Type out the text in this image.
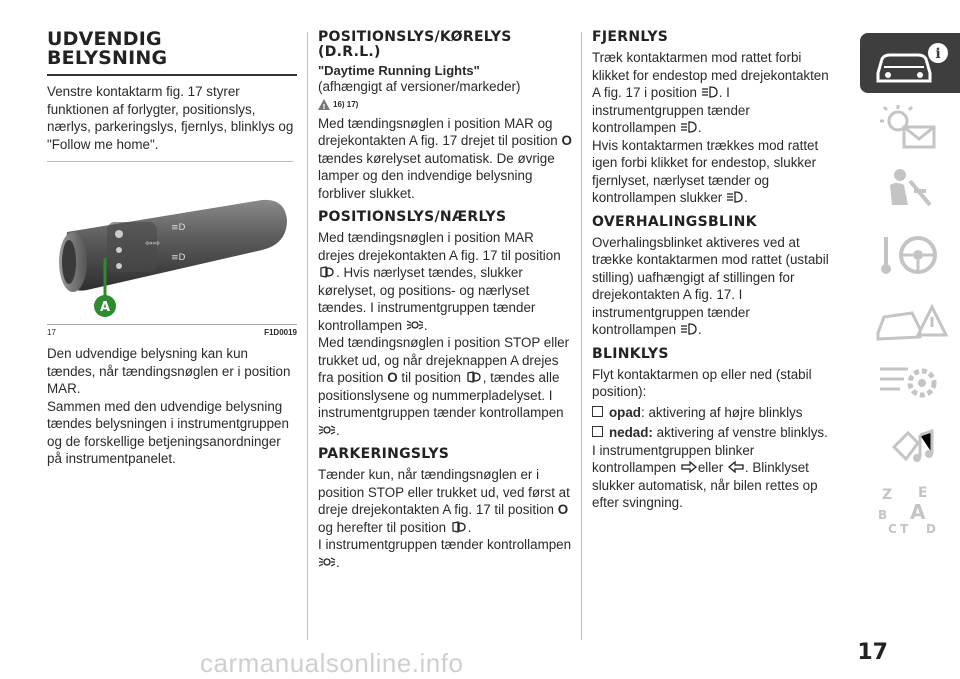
UDVENDIG
BELYSNING

Venstre kontaktarm fig. 17 styrer funktionen af forlygter, positionslys, nærlys, parkeringslys, fjernlys, blinklys og "Follow me home".

⇦⇨
≡D
≡D
A
17	F1D0019

Den udvendige belysning kan kun tændes, når tændingsnøglen er i position MAR.

Sammen med den udvendige belysning tændes belysningen i instrumentgruppen og de forskellige betjeningsanordninger på instrumentpanelet.

POSITIONSLYS/KØRELYS
(D.R.L.)
"Daytime Running Lights"

(afhængigt af versioner/markeder)

! 16) 17)

Med tændingsnøglen i position MAR og drejekontakten A fig. 17 drejet til position O tændes kørelyset automatisk. De øvrige lamper og den indvendige belysning forbliver slukket.

POSITIONSLYS/NÆRLYS

Med tændingsnøglen i position MAR drejes drejekontakten A fig. 17 til position . Hvis nærlyset tændes, slukker kørelyset, og positions- og nærlyset tændes. I instrumentgruppen tænder kontrollampen .

Med tændingsnøglen i position STOP eller trukket ud, og når drejeknappen A drejes fra position O til position , tændes alle positionslysene og nummerpladelyset. I instrumentgruppen tænder kontrollampen .

PARKERINGSLYS

Tænder kun, når tændingsnøglen er i position STOP eller trukket ud, ved først at dreje drejekontakten A fig. 17 til position O og herefter til position .
I instrumentgruppen tænder kontrollampen .

FJERNLYS

Træk kontaktarmen mod rattet forbi klikket for endestop med drejekontakten A fig. 17 i position . I instrumentgruppen tænder kontrollampen .

Hvis kontaktarmen trækkes mod rattet igen forbi klikket for endestop, slukker fjernlyset, nærlyset tænder og kontrollampen slukker .

OVERHALINGSBLINK

Overhalingsblinket aktiveres ved at trække kontaktarmen mod rattet (ustabil stilling) uafhængigt af stillingen for drejekontakten A fig. 17. I instrumentgruppen tænder kontrollampen .

BLINKLYS

Flyt kontaktarmen op eller ned (stabil position):

opad: aktivering af højre blinklys

nedad: aktivering af venstre blinklys.

I instrumentgruppen blinker kontrollampen eller . Blinklyset slukker automatisk, når bilen rettes op efter svingning.

i
Z E
B A
C T D
carmanualsonline.info	17
